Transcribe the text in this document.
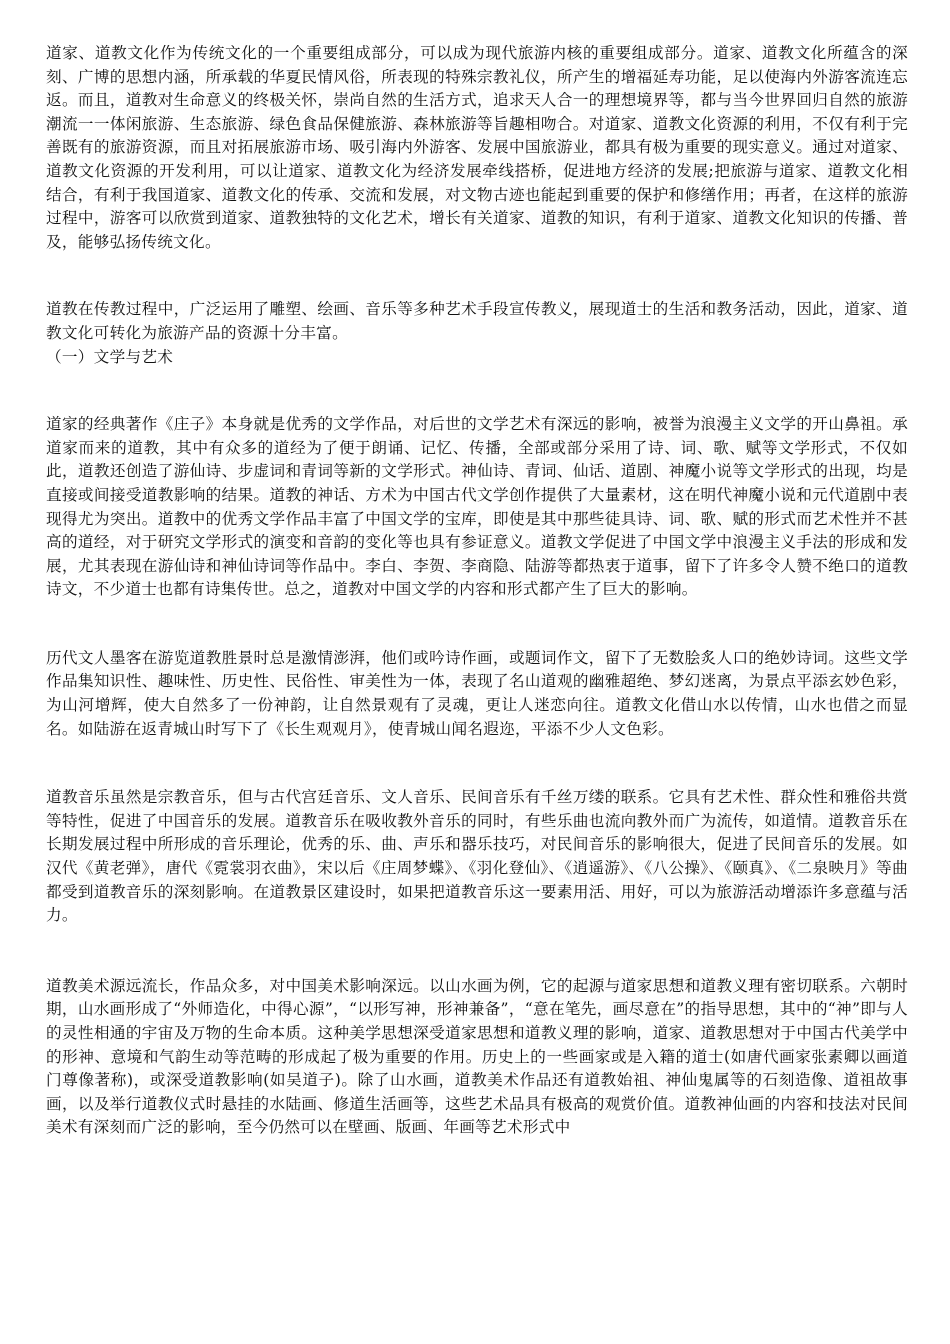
道家、道教文化作为传统文化的一个重要组成部分，可以成为现代旅游内核的重要组成部分。道家、道教文化所蕴含的深刻、广博的思想内涵，所承载的华夏民情风俗，所表现的特殊宗教礼仪，所产生的增福延寿功能，足以使海内外游客流连忘返。而且，道教对生命意义的终极关怀，崇尚自然的生活方式，追求天人合一的理想境界等，都与当今世界回归自然的旅游潮流一一体闲旅游、生态旅游、绿色食品保健旅游、森林旅游等旨趣相吻合。对道家、道教文化资源的利用，不仅有利于完善既有的旅游资源，而且对拓展旅游市场、吸引海内外游客、发展中国旅游业，都具有极为重要的现实意义。通过对道家、道教文化资源的开发利用，可以让道家、道教文化为经济发展牵线搭桥，促进地方经济的发展;把旅游与道家、道教文化相结合，有利于我国道家、道教文化的传承、交流和发展，对文物古迹也能起到重要的保护和修缮作用；再者，在这样的旅游过程中，游客可以欣赏到道家、道教独特的文化艺术，增长有关道家、道教的知识，有利于道家、道教文化知识的传播、普及，能够弘扬传统文化。

道教在传教过程中，广泛运用了雕塑、绘画、音乐等多种艺术手段宣传教义，展现道士的生活和教务活动，因此，道家、道教文化可转化为旅游产品的资源十分丰富。

（一）文学与艺术

道家的经典著作《庄子》本身就是优秀的文学作品，对后世的文学艺术有深远的影响，被誉为浪漫主义文学的开山鼻祖。承道家而来的道教，其中有众多的道经为了便于朗诵、记忆、传播，全部或部分采用了诗、词、歌、赋等文学形式，不仅如此，道教还创造了游仙诗、步虚词和青词等新的文学形式。神仙诗、青词、仙话、道剧、神魔小说等文学形式的出现，均是直接或间接受道教影响的结果。道教的神话、方术为中国古代文学创作提供了大量素材，这在明代神魔小说和元代道剧中表现得尤为突出。道教中的优秀文学作品丰富了中国文学的宝库，即使是其中那些徒具诗、词、歌、赋的形式而艺术性并不甚高的道经，对于研究文学形式的演变和音韵的变化等也具有参证意义。道教文学促进了中国文学中浪漫主义手法的形成和发展，尤其表现在游仙诗和神仙诗词等作品中。李白、李贺、李商隐、陆游等都热衷于道事，留下了许多令人赞不绝口的道教诗文，不少道士也都有诗集传世。总之，道教对中国文学的内容和形式都产生了巨大的影响。

历代文人墨客在游览道教胜景时总是激情澎湃，他们或吟诗作画，或题词作文，留下了无数脍炙人口的绝妙诗词。这些文学作品集知识性、趣味性、历史性、民俗性、审美性为一体，表现了名山道观的幽雅超绝、梦幻迷离，为景点平添玄妙色彩，为山河增辉，使大自然多了一份神韵，让自然景观有了灵魂，更让人迷恋向往。道教文化借山水以传情，山水也借之而显名。如陆游在返青城山时写下了《长生观观月》，使青城山闻名遐迩，平添不少人文色彩。

道教音乐虽然是宗教音乐，但与古代宫廷音乐、文人音乐、民间音乐有千丝万缕的联系。它具有艺术性、群众性和雅俗共赏等特性，促进了中国音乐的发展。道教音乐在吸收教外音乐的同时，有些乐曲也流向教外而广为流传，如道情。道教音乐在长期发展过程中所形成的音乐理论，优秀的乐、曲、声乐和器乐技巧，对民间音乐的影响很大，促进了民间音乐的发展。如汉代《黄老弹》，唐代《霓裳羽衣曲》，宋以后《庄周梦蝶》、《羽化登仙》、《逍遥游》、《八公操》、《颐真》、《二泉映月》等曲都受到道教音乐的深刻影响。在道教景区建设时，如果把道教音乐这一要素用活、用好，可以为旅游活动增添许多意蕴与活力。

道教美术源远流长，作品众多，对中国美术影响深远。以山水画为例，它的起源与道家思想和道教义理有密切联系。六朝时期，山水画形成了“外师造化，中得心源”，“以形写神，形神兼备”，“意在笔先，画尽意在”的指导思想，其中的“神”即与人的灵性相通的宇宙及万物的生命本质。这种美学思想深受道家思想和道教义理的影响，道家、道教思想对于中国古代美学中的形神、意境和气韵生动等范畴的形成起了极为重要的作用。历史上的一些画家或是入籍的道士(如唐代画家张素卿以画道门尊像著称)，或深受道教影响(如吴道子)。除了山水画，道教美术作品还有道教始祖、神仙鬼属等的石刻造像、道祖故事画，以及举行道教仪式时悬挂的水陆画、修道生活画等，这些艺术品具有极高的观赏价值。道教神仙画的内容和技法对民间美术有深刻而广泛的影响，至今仍然可以在壁画、版画、年画等艺术形式中
